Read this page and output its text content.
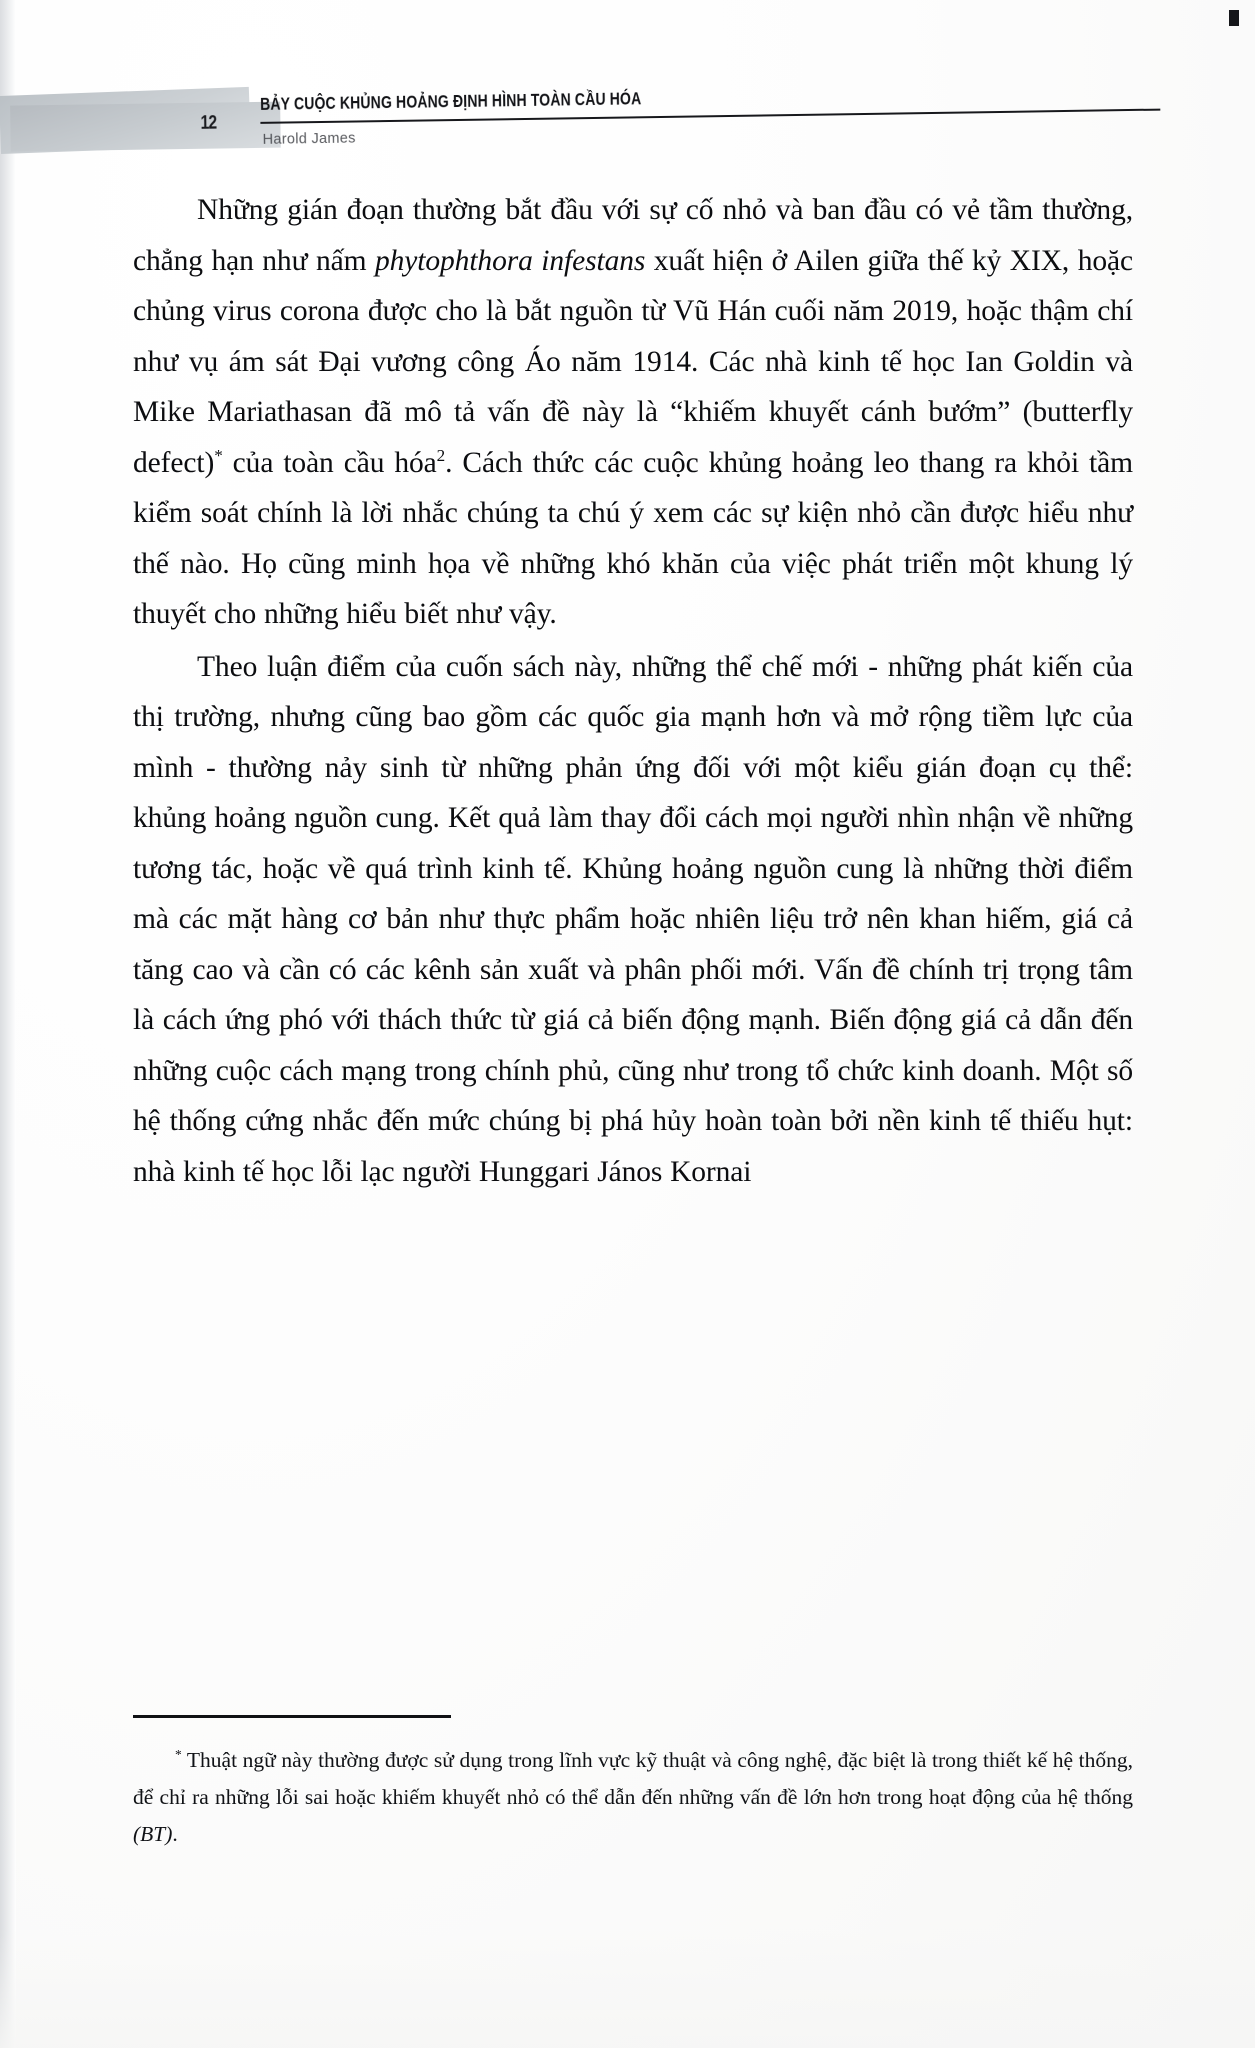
12
BẢY CUỘC KHỦNG HOẢNG ĐỊNH HÌNH TOÀN CẦU HÓA
Harold James

Những gián đoạn thường bắt đầu với sự cố nhỏ và ban đầu có vẻ tầm thường, chẳng hạn như nấm phytophthora infestans xuất hiện ở Ailen giữa thế kỷ XIX, hoặc chủng virus corona được cho là bắt nguồn từ Vũ Hán cuối năm 2019, hoặc thậm chí như vụ ám sát Đại vương công Áo năm 1914. Các nhà kinh tế học Ian Goldin và Mike Mariathasan đã mô tả vấn đề này là “khiếm khuyết cánh bướm” (butterfly defect)* của toàn cầu hóa$^2$. Cách thức các cuộc khủng hoảng leo thang ra khỏi tầm kiểm soát chính là lời nhắc chúng ta chú ý xem các sự kiện nhỏ cần được hiểu như thế nào. Họ cũng minh họa về những khó khăn của việc phát triển một khung lý thuyết cho những hiểu biết như vậy.

Theo luận điểm của cuốn sách này, những thể chế mới - những phát kiến của thị trường, nhưng cũng bao gồm các quốc gia mạnh hơn và mở rộng tiềm lực của mình - thường nảy sinh từ những phản ứng đối với một kiểu gián đoạn cụ thể: khủng hoảng nguồn cung. Kết quả làm thay đổi cách mọi người nhìn nhận về những tương tác, hoặc về quá trình kinh tế. Khủng hoảng nguồn cung là những thời điểm mà các mặt hàng cơ bản như thực phẩm hoặc nhiên liệu trở nên khan hiếm, giá cả tăng cao và cần có các kênh sản xuất và phân phối mới. Vấn đề chính trị trọng tâm là cách ứng phó với thách thức từ giá cả biến động mạnh. Biến động giá cả dẫn đến những cuộc cách mạng trong chính phủ, cũng như trong tổ chức kinh doanh. Một số hệ thống cứng nhắc đến mức chúng bị phá hủy hoàn toàn bởi nền kinh tế thiếu hụt: nhà kinh tế học lỗi lạc người Hunggari János Kornai

* Thuật ngữ này thường được sử dụng trong lĩnh vực kỹ thuật và công nghệ, đặc biệt là trong thiết kế hệ thống, để chỉ ra những lỗi sai hoặc khiếm khuyết nhỏ có thể dẫn đến những vấn đề lớn hơn trong hoạt động của hệ thống (BT).
